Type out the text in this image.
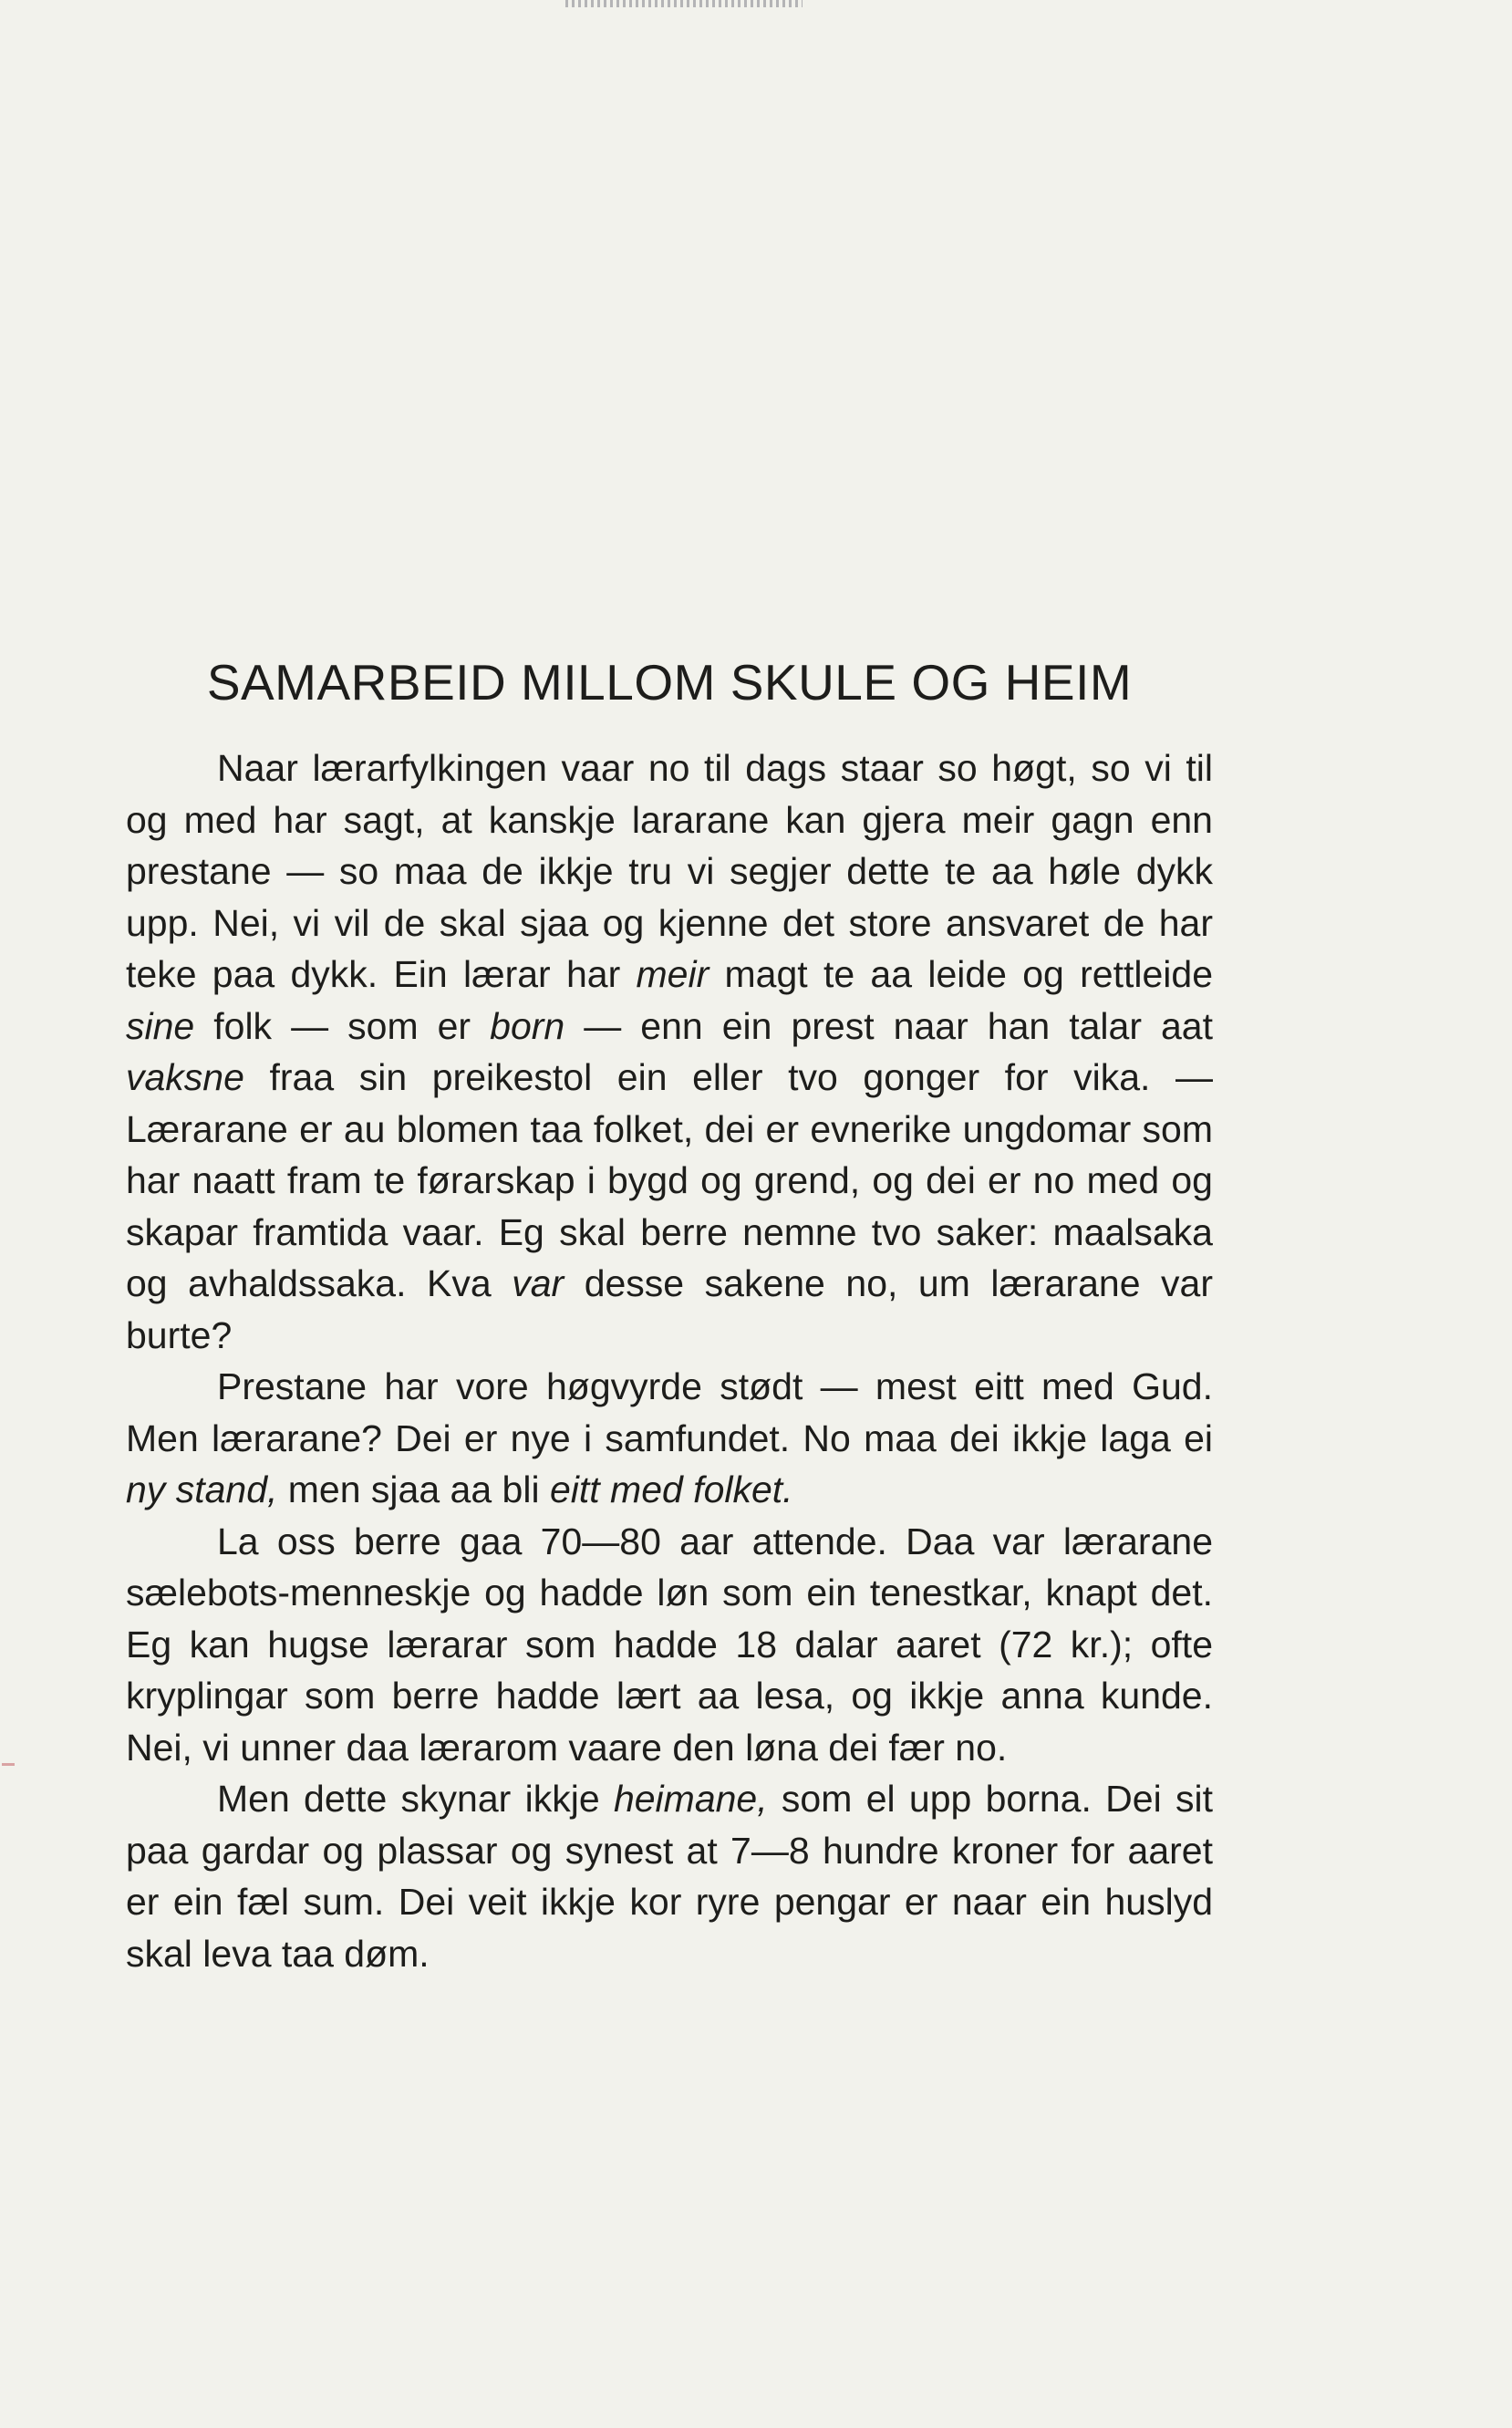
SAMARBEID MILLOM SKULE OG HEIM

Naar lærarfylkingen vaar no til dags staar so høgt, so vi til og med har sagt, at kanskje lararane kan gjera meir gagn enn prestane — so maa de ikkje tru vi segjer dette te aa høle dykk upp. Nei, vi vil de skal sjaa og kjenne det store ansvaret de har teke paa dykk. Ein lærar har meir magt te aa leide og rettleide sine folk — som er born — enn ein prest naar han talar aat vaksne fraa sin preikestol ein eller tvo gonger for vika. — Lærarane er au blomen taa folket, dei er evnerike ungdomar som har naatt fram te førarskap i bygd og grend, og dei er no med og skapar framtida vaar. Eg skal berre nemne tvo saker: maalsaka og avhaldssaka. Kva var desse sakene no, um lærarane var burte?

Prestane har vore høgvyrde stødt — mest eitt med Gud. Men lærarane? Dei er nye i samfundet. No maa dei ikkje laga ei ny stand, men sjaa aa bli eitt med folket.

La oss berre gaa 70—80 aar attende. Daa var lærarane sælebots-menneskje og hadde løn som ein tenestkar, knapt det. Eg kan hugse lærarar som hadde 18 dalar aaret (72 kr.); ofte kryplingar som berre hadde lært aa lesa, og ikkje anna kunde. Nei, vi unner daa lærarom vaare den løna dei fær no.

Men dette skynar ikkje heimane, som el upp borna. Dei sit paa gardar og plassar og synest at 7—8 hundre kroner for aaret er ein fæl sum. Dei veit ikkje kor ryre pengar er naar ein huslyd skal leva taa døm.
